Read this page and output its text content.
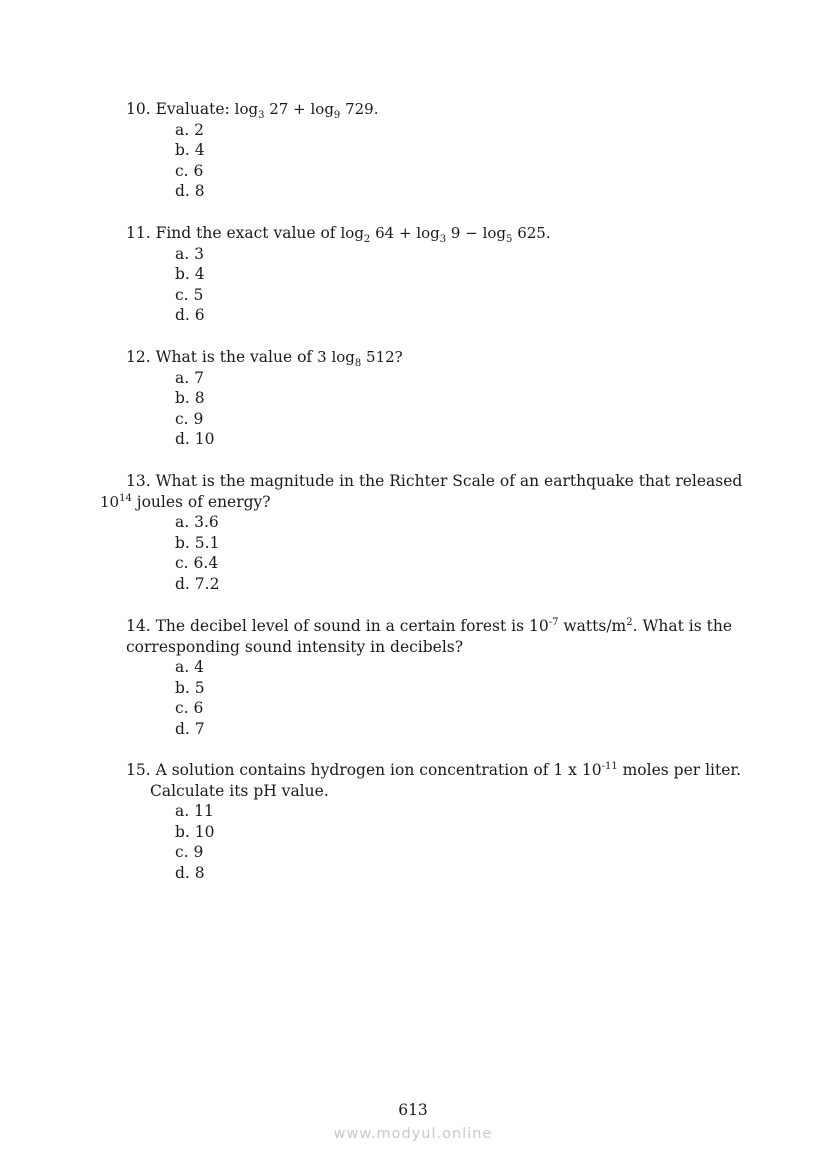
10. Evaluate: $\log_3 27 + \log_9 729$.
a. 2
b. 4
c. 6
d. 8
11. Find the exact value of $\log_2 64 + \log_3 9 - \log_5 625$.
a. 3
b. 4
c. 5
d. 6
12. What is the value of 3 $\log_8 512$?
a. 7
b. 8
c. 9
d. 10
13. What is the magnitude in the Richter Scale of an earthquake that released
$10^{14}$ joules of energy?
a. 3.6
b. 5.1
c. 6.4
d. 7.2
14. The decibel level of sound in a certain forest is $10^{-7}$ watts/$m^2$. What is the
corresponding sound intensity in decibels?
a. 4
b. 5
c. 6
d. 7
15. A solution contains hydrogen ion concentration of 1 x $10^{-11}$ moles per liter.
Calculate its pH value.
a. 11
b. 10
c. 9
d. 8
613
www.modyul.online
